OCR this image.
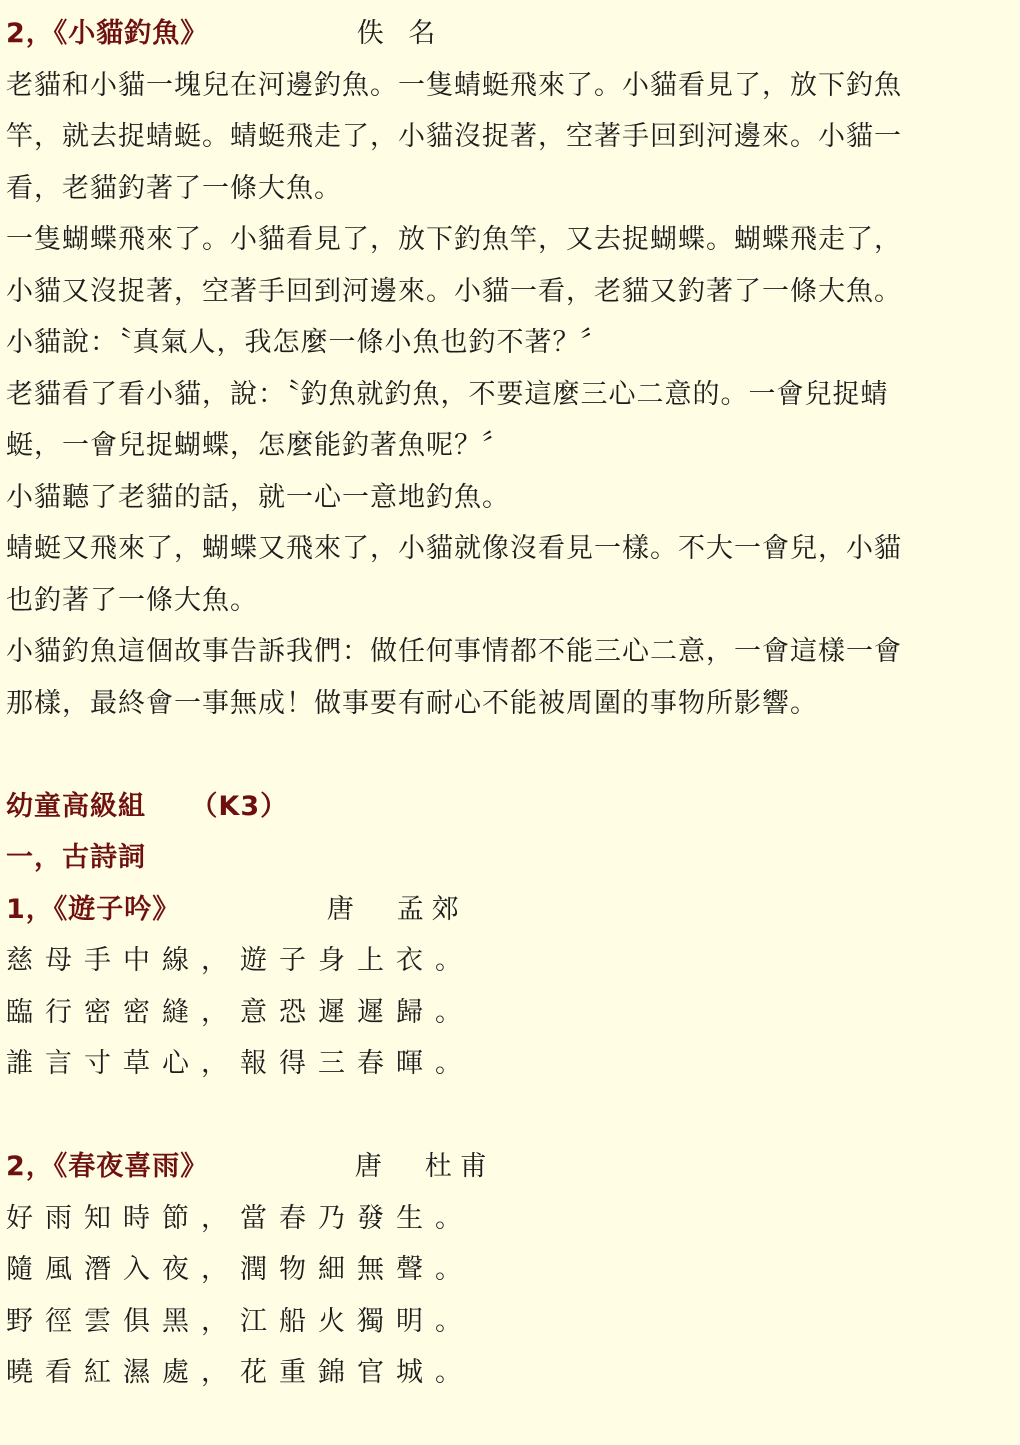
2，《小貓釣魚》	佚 名
老貓和小貓一塊兒在河邊釣魚。一隻蜻蜓飛來了。小貓看見了，放下釣魚
竿，就去捉蜻蜓。蜻蜓飛走了，小貓沒捉著，空著手回到河邊來。小貓一
看，老貓釣著了一條大魚。
一隻蝴蝶飛來了。小貓看見了，放下釣魚竿，又去捉蝴蝶。蝴蝶飛走了，
小貓又沒捉著，空著手回到河邊來。小貓一看，老貓又釣著了一條大魚。
小貓說：〝真氣人，我怎麼一條小魚也釣不著？〞
老貓看了看小貓，說：〝釣魚就釣魚，不要這麼三心二意的。一會兒捉蜻
蜓，一會兒捉蝴蝶，怎麼能釣著魚呢？〞
小貓聽了老貓的話，就一心一意地釣魚。
蜻蜓又飛來了，蝴蝶又飛來了，小貓就像沒看見一樣。不大一會兒，小貓
也釣著了一條大魚。
小貓釣魚這個故事告訴我們：做任何事情都不能三心二意，一會這樣一會
那樣，最終會一事無成！做事要有耐心不能被周圍的事物所影響。
幼童高級組 （K3）
一，古詩詞
1，《遊子吟》	唐　孟郊
慈母手中線，遊子身上衣。
臨行密密縫，意恐遲遲歸。
誰言寸草心，報得三春暉。
2，《春夜喜雨》	唐　杜甫
好雨知時節，當春乃發生。
隨風潛入夜，潤物細無聲。
野徑雲俱黑，江船火獨明。
曉看紅濕處，花重錦官城。
